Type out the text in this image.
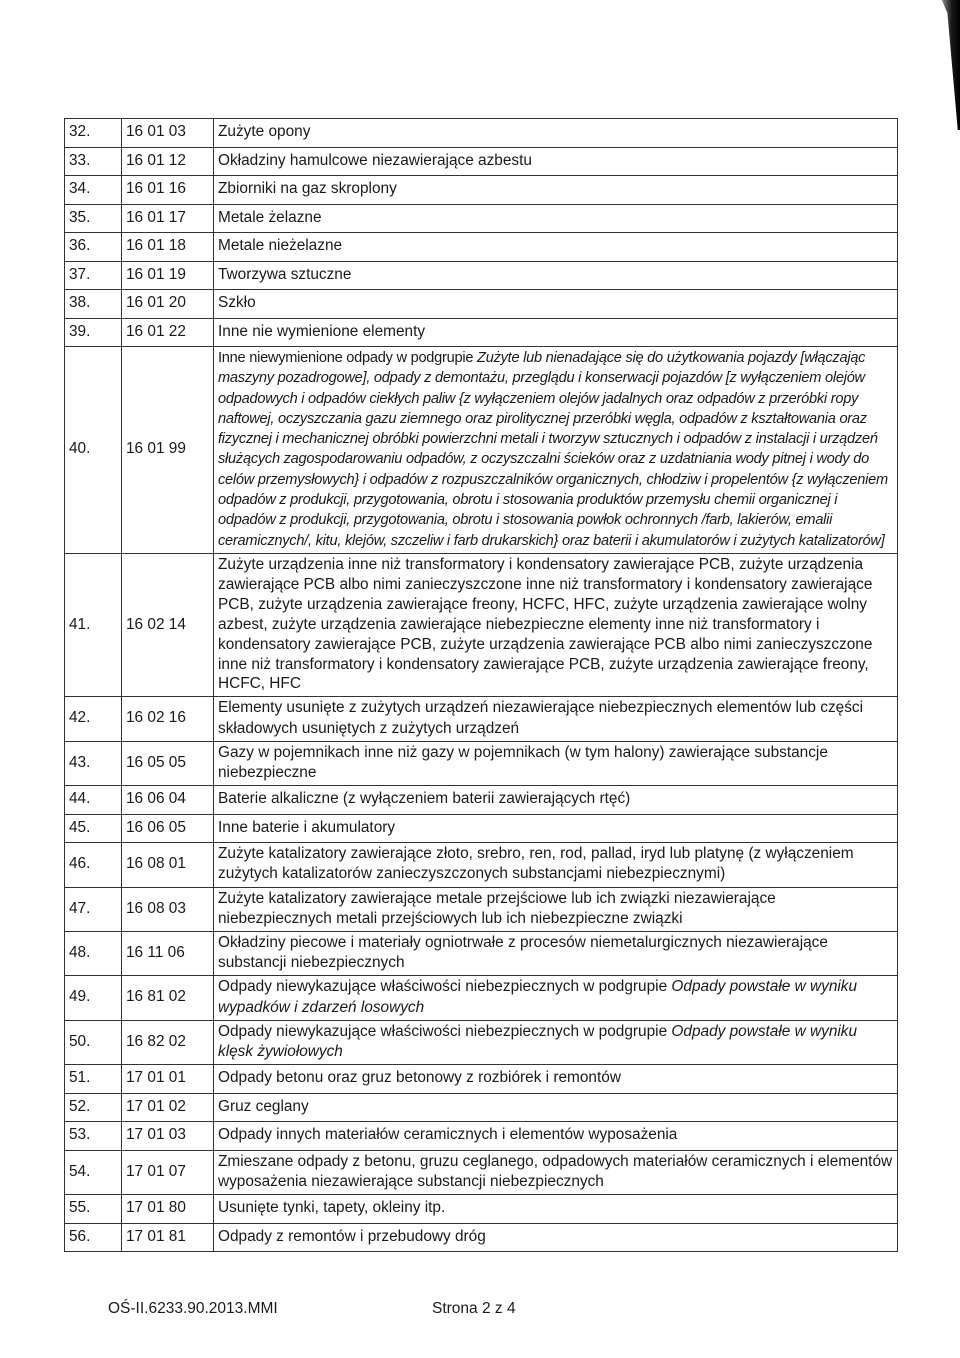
32.	16 01 03	Zużyte opony
33.	16 01 12	Okładziny hamulcowe niezawierające azbestu
34.	16 01 16	Zbiorniki na gaz skroplony
35.	16 01 17	Metale żelazne
36.	16 01 18	Metale nieżelazne
37.	16 01 19	Tworzywa sztuczne
38.	16 01 20	Szkło
39.	16 01 22	Inne nie wymienione elementy
40.	16 01 99	Inne niewymienione odpady w podgrupie Zużyte lub nienadające się do użytkowania pojazdy [włączając maszyny pozadrogowe], odpady z demontażu, przeglądu i konserwacji pojazdów [z wyłączeniem olejów odpadowych i odpadów ciekłych paliw {z wyłączeniem olejów jadalnych oraz odpadów z przeróbki ropy naftowej, oczyszczania gazu ziemnego oraz pirolitycznej przeróbki węgla, odpadów z kształtowania oraz fizycznej i mechanicznej obróbki powierzchni metali i tworzyw sztucznych i odpadów z instalacji i urządzeń służących zagospodarowaniu odpadów, z oczyszczalni ścieków oraz z uzdatniania wody pitnej i wody do celów przemysłowych} i odpadów z rozpuszczalników organicznych, chłodziw i propelentów {z wyłączeniem odpadów z produkcji, przygotowania, obrotu i stosowania produktów przemysłu chemii organicznej i odpadów z produkcji, przygotowania, obrotu i stosowania powłok ochronnych /farb, lakierów, emalii ceramicznych/, kitu, klejów, szczeliw i farb drukarskich} oraz baterii i akumulatorów i zużytych katalizatorów]
41.	16 02 14	Zużyte urządzenia inne niż transformatory i kondensatory zawierające PCB, zużyte urządzenia zawierające PCB albo nimi zanieczyszczone inne niż transformatory i kondensatory zawierające PCB, zużyte urządzenia zawierające freony, HCFC, HFC, zużyte urządzenia zawierające wolny azbest, zużyte urządzenia zawierające niebezpieczne elementy inne niż transformatory i kondensatory zawierające PCB, zużyte urządzenia zawierające PCB albo nimi zanieczyszczone inne niż transformatory i kondensatory zawierające PCB, zużyte urządzenia zawierające freony, HCFC, HFC
42.	16 02 16	Elementy usunięte z zużytych urządzeń niezawierające niebezpiecznych elementów lub części składowych usuniętych z zużytych urządzeń
43.	16 05 05	Gazy w pojemnikach inne niż gazy w pojemnikach (w tym halony) zawierające substancje niebezpieczne
44.	16 06 04	Baterie alkaliczne (z wyłączeniem baterii zawierających rtęć)
45.	16 06 05	Inne baterie i akumulatory
46.	16 08 01	Zużyte katalizatory zawierające złoto, srebro, ren, rod, pallad, iryd lub platynę (z wyłączeniem zużytych katalizatorów zanieczyszczonych substancjami niebezpiecznymi)
47.	16 08 03	Zużyte katalizatory zawierające metale przejściowe lub ich związki niezawierające niebezpiecznych metali przejściowych lub ich niebezpieczne związki
48.	16 11 06	Okładziny piecowe i materiały ogniotrwałe z procesów niemetalurgicznych niezawierające substancji niebezpiecznych
49.	16 81 02	Odpady niewykazujące właściwości niebezpiecznych w podgrupie Odpady powstałe w wyniku wypadków i zdarzeń losowych
50.	16 82 02	Odpady niewykazujące właściwości niebezpiecznych w podgrupie Odpady powstałe w wyniku klęsk żywiołowych
51.	17 01 01	Odpady betonu oraz gruz betonowy z rozbiórek i remontów
52.	17 01 02	Gruz ceglany
53.	17 01 03	Odpady innych materiałów ceramicznych i elementów wyposażenia
54.	17 01 07	Zmieszane odpady z betonu, gruzu ceglanego, odpadowych materiałów ceramicznych i elementów wyposażenia niezawierające substancji niebezpiecznych
55.	17 01 80	Usunięte tynki, tapety, okleiny itp.
56.	17 01 81	Odpady z remontów i przebudowy dróg
OŚ-II.6233.90.2013.MMI	Strona 2 z 4
